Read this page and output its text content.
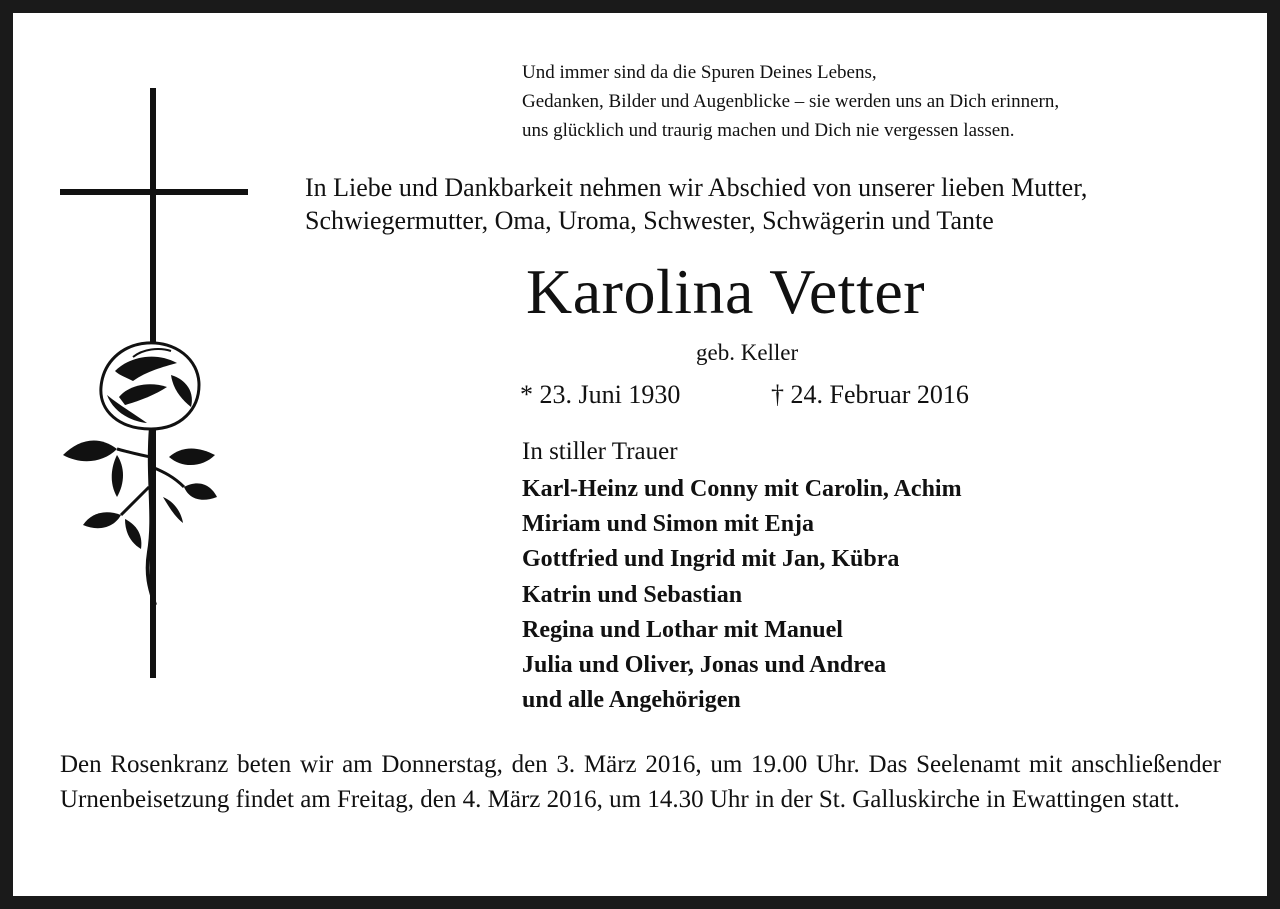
Und immer sind da die Spuren Deines Lebens,
Gedanken, Bilder und Augenblicke – sie werden uns an Dich erinnern,
uns glücklich und traurig machen und Dich nie vergessen lassen.
In Liebe und Dankbarkeit nehmen wir Abschied von unserer lieben Mutter,
Schwiegermutter, Oma, Uroma, Schwester, Schwägerin und Tante
Karolina Vetter
geb. Keller
* 23. Juni 1930	† 24. Februar 2016
In stiller Trauer
Karl-Heinz und Conny mit Carolin, Achim
Miriam und Simon mit Enja
Gottfried und Ingrid mit Jan, Kübra
Katrin und Sebastian
Regina und Lothar mit Manuel
Julia und Oliver, Jonas und Andrea
und alle Angehörigen
Den Rosenkranz beten wir am Donnerstag, den 3. März 2016, um 19.00 Uhr. Das Seelenamt mit anschließender Urnenbeisetzung findet am Freitag, den 4. März 2016, um 14.30 Uhr in der St. Galluskirche in Ewattingen statt.
